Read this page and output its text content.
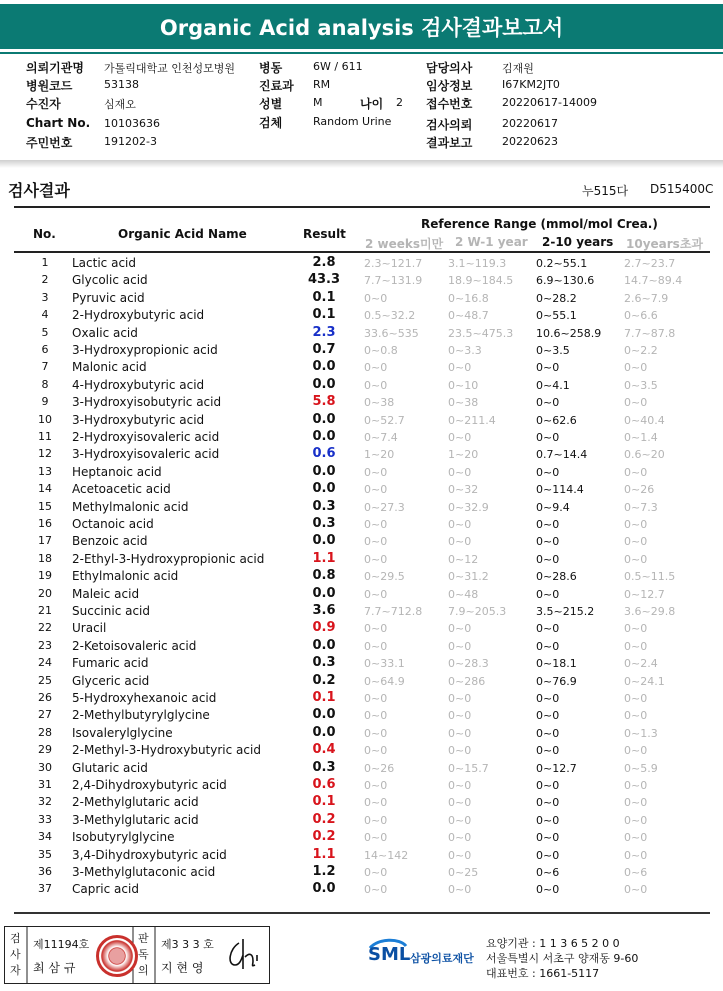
Organic Acid analysis 검사결과보고서
의뢰기관명 가톨릭대학교 인천성모병원
병원코드	53138
수진자	심재오
Chart No. 10103636
주민번호	191202-3
병동	6W / 611
진료과 RM
성별	M	나이 2
검체	Random Urine
담당의사	김재원
임상정보	I67KM2JT0
접수번호	20220617-14009
검사의뢰	20220617
결과보고	20220623
검사결과	누515다 D515400C
No.	Organic Acid Name	Result
Reference Range (mmol/mol Crea.)
2 weeks미만 2 W-1 year 2-10 years 10years초과
1	Lactic acid	2.8	2.3~121.7	3.1~119.3	0.2~55.1	2.7~23.7
2	Glycolic acid	43.3	7.7~131.9	18.9~184.5	6.9~130.6	14.7~89.4
3	Pyruvic acid	0.1	0~0	0~16.8	0~28.2	2.6~7.9
4	2-Hydroxybutyric acid	0.1	0.5~32.2	0~48.7	0~55.1	0~6.6
5	Oxalic acid	2.3	33.6~535	23.5~475.3	10.6~258.9	7.7~87.8
6	3-Hydroxypropionic acid	0.7	0~0.8	0~3.3	0~3.5	0~2.2
7	Malonic acid	0.0	0~0	0~0	0~0	0~0
8	4-Hydroxybutyric acid	0.0	0~0	0~10	0~4.1	0~3.5
9	3-Hydroxyisobutyric acid	5.8	0~38	0~38	0~0	0~0
10	3-Hydroxybutyric acid	0.0	0~52.7	0~211.4	0~62.6	0~40.4
11	2-Hydroxyisovaleric acid	0.0	0~7.4	0~0	0~0	0~1.4
12	3-Hydroxyisovaleric acid	0.6	1~20	1~20	0.7~14.4	0.6~20
13	Heptanoic acid	0.0	0~0	0~0	0~0	0~0
14	Acetoacetic acid	0.0	0~0	0~32	0~114.4	0~26
15	Methylmalonic acid	0.3	0~27.3	0~32.9	0~9.4	0~7.3
16	Octanoic acid	0.3	0~0	0~0	0~0	0~0
17	Benzoic acid	0.0	0~0	0~0	0~0	0~0
18	2-Ethyl-3-Hydroxypropionic acid	1.1	0~0	0~12	0~0	0~0
19	Ethylmalonic acid	0.8	0~29.5	0~31.2	0~28.6	0.5~11.5
20	Maleic acid	0.0	0~0	0~48	0~0	0~12.7
21	Succinic acid	3.6	7.7~712.8	7.9~205.3	3.5~215.2	3.6~29.8
22	Uracil	0.9	0~0	0~0	0~0	0~0
23	2-Ketoisovaleric acid	0.0	0~0	0~0	0~0	0~0
24	Fumaric acid	0.3	0~33.1	0~28.3	0~18.1	0~2.4
25	Glyceric acid	0.2	0~64.9	0~286	0~76.9	0~24.1
26	5-Hydroxyhexanoic acid	0.1	0~0	0~0	0~0	0~0
27	2-Methylbutyrylglycine	0.0	0~0	0~0	0~0	0~0
28	Isovalerylglycine	0.0	0~0	0~0	0~0	0~1.3
29	2-Methyl-3-Hydroxybutyric acid	0.4	0~0	0~0	0~0	0~0
30	Glutaric acid	0.3	0~26	0~15.7	0~12.7	0~5.9
31	2,4-Dihydroxybutyric acid	0.6	0~0	0~0	0~0	0~0
32	2-Methylglutaric acid	0.1	0~0	0~0	0~0	0~0
33	3-Methylglutaric acid	0.2	0~0	0~0	0~0	0~0
34	Isobutyrylglycine	0.2	0~0	0~0	0~0	0~0
35	3,4-Dihydroxybutyric acid	1.1	14~142	0~0	0~0	0~0
36	3-Methylglutaconic acid	1.2	0~0	0~25	0~6	0~6
37	Capric acid	0.0	0~0	0~0	0~0	0~0
검사자
제11194호
최 삼 규
판독의
제3 3 3 호
지 현 영
SML 삼광의료재단
요양기관 : 1 1 3 6 5 2 0 0
서울특별시 서초구 양재동 9-60
대표번호 : 1661-5117
